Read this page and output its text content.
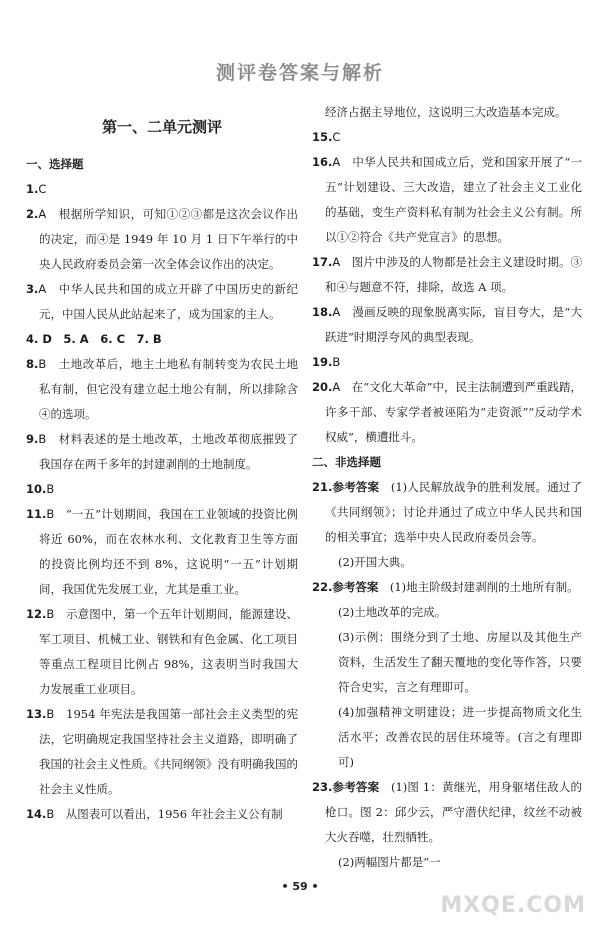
测评卷答案与解析
第一、二单元测评
一、选择题
1.C
2.A　 根据所学知识，可知①②③都是这次会议作出的决定，而④是 1949 年 10 月 1 日下午举行的中央人民政府委员会第一次全体会议作出的决定。
3.A　 中华人民共和国的成立开辟了中国历史的新纪元，中国人民从此站起来了，成为国家的主人。
4. D　5. A　6. C　7. B
8.B　 土地改革后，地主土地私有制转变为农民土地私有制，但它没有建立起土地公有制，所以排除含④的选项。
9.B　 材料表述的是土地改革，土地改革彻底摧毁了我国存在两千多年的封建剥削的土地制度。
10.B
11.B　 “一五”计划期间，我国在工业领域的投资比例将近 60%，而在农林水利、文化教育卫生等方面的投资比例均还不到 8%，这说明“一五”计划期间，我国优先发展工业，尤其是重工业。
12.B　 示意图中，第一个五年计划期间，能源建设、军工项目、机械工业、钢铁和有色金属、化工项目等重点工程项目比例占 98%，这表明当时我国大力发展重工业项目。
13.B　 1954 年宪法是我国第一部社会主义类型的宪法，它明确规定我国坚持社会主义道路，即明确了我国的社会主义性质。《共同纲领》没有明确我国的社会主义性质。
14.B　 从图表可以看出，1956 年社会主义公有制
经济占据主导地位，这说明三大改造基本完成。
15.C
16.A　 中华人民共和国成立后，党和国家开展了“一五”计划建设、三大改造，建立了社会主义工业化的基础，变生产资料私有制为社会主义公有制。所以①②符合《共产党宣言》的思想。
17.A　 图片中涉及的人物都是社会主义建设时期。③和④与题意不符，排除，故选 A 项。
18.A　 漫画反映的现象脱离实际，盲目夸大，是“大跃进”时期浮夸风的典型表现。
19.B
20.A　 在“文化大革命”中，民主法制遭到严重践踏，许多干部、专家学者被诬陷为“走资派”“反动学术权威”，横遭批斗。
二、非选择题
21.参考答案　 (1)人民解放战争的胜利发展。通过了《共同纲领》；讨论并通过了成立中华人民共和国的相关事宜；选举中央人民政府委员会等。
(2)开国大典。
22.参考答案　 (1)地主阶级封建剥削的土地所有制。
(2)土地改革的完成。
(3)示例：围绕分到了土地、房屋以及其他生产资料，生活发生了翻天覆地的变化等作答，只要符合史实，言之有理即可。
(4)加强精神文明建设；进一步提高物质文化生活水平；改善农民的居住环境等。(言之有理即可)
23.参考答案　 (1)图 1：黄继光，用身躯堵住敌人的枪口。图 2：邱少云，严守潜伏纪律，纹丝不动被大火吞噬，壮烈牺牲。
(2)两幅图片都是“一
• 59 •
MXQE.COM
